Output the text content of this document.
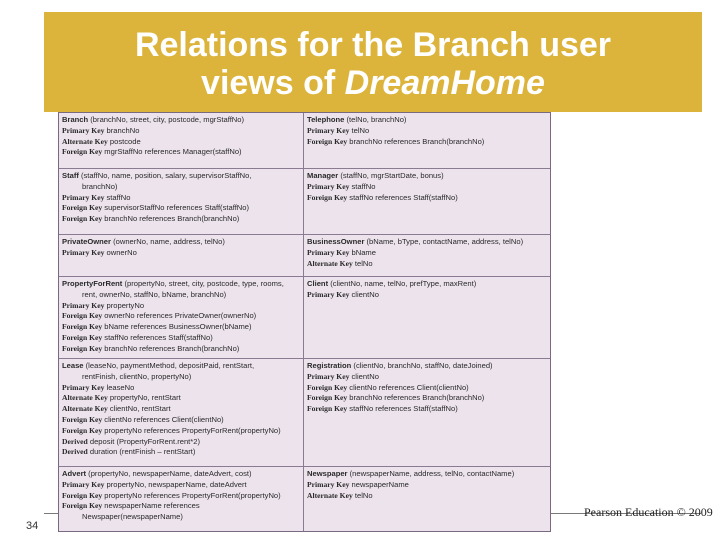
Relations for the Branch user
views of DreamHome
Branch (branchNo, street, city, postcode, mgrStaffNo)
Primary Key branchNo
Alternate Key postcode
Foreign Key mgrStaffNo references Manager(staffNo)
Telephone (telNo, branchNo)
Primary Key telNo
Foreign Key branchNo references Branch(branchNo)
Staff (staffNo, name, position, salary, supervisorStaffNo,
branchNo)
Primary Key staffNo
Foreign Key supervisorStaffNo references Staff(staffNo)
Foreign Key branchNo references Branch(branchNo)
Manager (staffNo, mgrStartDate, bonus)
Primary Key staffNo
Foreign Key staffNo references Staff(staffNo)
PrivateOwner (ownerNo, name, address, telNo)
Primary Key ownerNo
BusinessOwner (bName, bType, contactName, address, telNo)
Primary Key bName
Alternate Key telNo
PropertyForRent (propertyNo, street, city, postcode, type, rooms,
rent, ownerNo, staffNo, bName, branchNo)
Primary Key propertyNo
Foreign Key ownerNo references PrivateOwner(ownerNo)
Foreign Key bName references BusinessOwner(bName)
Foreign Key staffNo references Staff(staffNo)
Foreign Key branchNo references Branch(branchNo)
Client (clientNo, name, telNo, prefType, maxRent)
Primary Key clientNo
Lease (leaseNo, paymentMethod, depositPaid, rentStart,
rentFinish, clientNo, propertyNo)
Primary Key leaseNo
Alternate Key propertyNo, rentStart
Alternate Key clientNo, rentStart
Foreign Key clientNo references Client(clientNo)
Foreign Key propertyNo references PropertyForRent(propertyNo)
Derived deposit (PropertyForRent.rent*2)
Derived duration (rentFinish – rentStart)
Registration (clientNo, branchNo, staffNo, dateJoined)
Primary Key clientNo
Foreign Key clientNo references Client(clientNo)
Foreign Key branchNo references Branch(branchNo)
Foreign Key staffNo references Staff(staffNo)
Advert (propertyNo, newspaperName, dateAdvert, cost)
Primary Key propertyNo, newspaperName, dateAdvert
Foreign Key propertyNo references PropertyForRent(propertyNo)
Foreign Key newspaperName references
Newspaper(newspaperName)
Newspaper (newspaperName, address, telNo, contactName)
Primary Key newspaperName
Alternate Key telNo
34
Pearson Education © 2009
